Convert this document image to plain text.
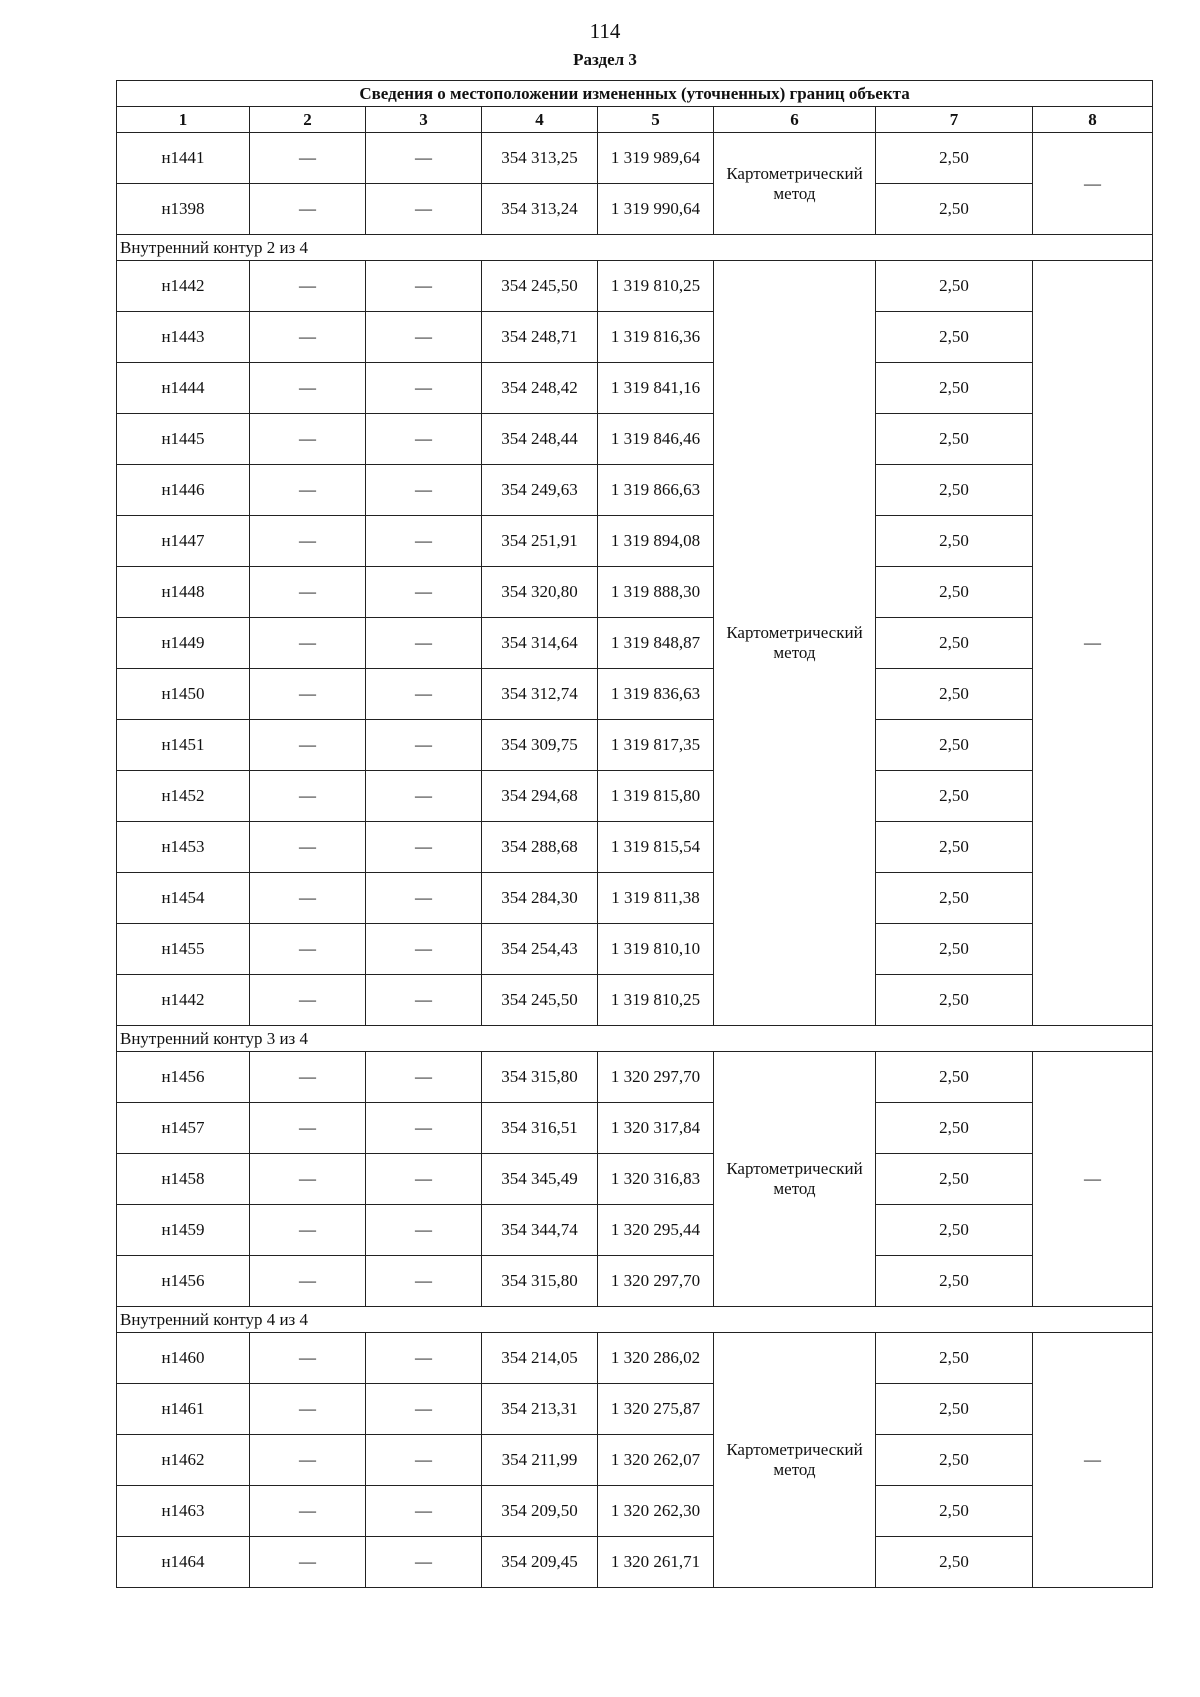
114
Раздел 3
Сведения о местоположении измененных (уточненных) границ объекта							
1	2	3	4	5	6	7	8
н1441	—	—	354 313,25	1 319 989,64	Картометрический метод	2,50	—
н1398	—	—	354 313,24	1 319 990,64		2,50	
Внутренний контур 2 из 4							
н1442	—	—	354 245,50	1 319 810,25	Картометрический метод	2,50	—
н1443	—	—	354 248,71	1 319 816,36		2,50	
н1444	—	—	354 248,42	1 319 841,16		2,50	
н1445	—	—	354 248,44	1 319 846,46		2,50	
н1446	—	—	354 249,63	1 319 866,63		2,50	
н1447	—	—	354 251,91	1 319 894,08		2,50	
н1448	—	—	354 320,80	1 319 888,30		2,50	
н1449	—	—	354 314,64	1 319 848,87		2,50	
н1450	—	—	354 312,74	1 319 836,63		2,50	
н1451	—	—	354 309,75	1 319 817,35		2,50	
н1452	—	—	354 294,68	1 319 815,80		2,50	
н1453	—	—	354 288,68	1 319 815,54		2,50	
н1454	—	—	354 284,30	1 319 811,38		2,50	
н1455	—	—	354 254,43	1 319 810,10		2,50	
н1442	—	—	354 245,50	1 319 810,25		2,50	
Внутренний контур 3 из 4							
н1456	—	—	354 315,80	1 320 297,70	Картометрический метод	2,50	—
н1457	—	—	354 316,51	1 320 317,84		2,50	
н1458	—	—	354 345,49	1 320 316,83		2,50	
н1459	—	—	354 344,74	1 320 295,44		2,50	
н1456	—	—	354 315,80	1 320 297,70		2,50	
Внутренний контур 4 из 4							
н1460	—	—	354 214,05	1 320 286,02	Картометрический метод	2,50	—
н1461	—	—	354 213,31	1 320 275,87		2,50	
н1462	—	—	354 211,99	1 320 262,07		2,50	
н1463	—	—	354 209,50	1 320 262,30		2,50	
н1464	—	—	354 209,45	1 320 261,71		2,50	
